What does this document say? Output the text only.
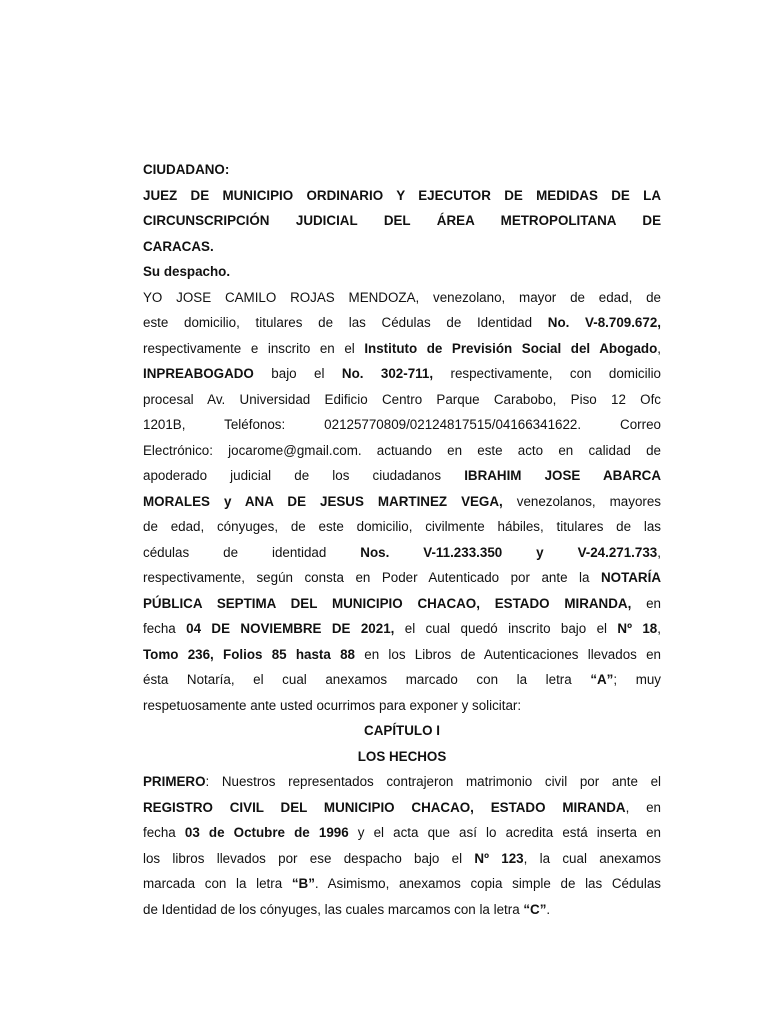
CIUDADANO:
JUEZ DE MUNICIPIO ORDINARIO Y EJECUTOR DE MEDIDAS DE LA
CIRCUNSCRIPCIÓN JUDICIAL DEL ÁREA METROPOLITANA DE
CARACAS.
Su despacho.
YO JOSE CAMILO ROJAS MENDOZA, venezolano, mayor de edad, de
este domicilio, titulares de las Cédulas de Identidad No. V-8.709.672,
respectivamente e inscrito en el Instituto de Previsión Social del Abogado,
INPREABOGADO bajo el No. 302-711, respectivamente, con domicilio
procesal Av. Universidad Edificio Centro Parque Carabobo, Piso 12 Ofc
1201B, Teléfonos: 02125770809/02124817515/04166341622. Correo
Electrónico: jocarome@gmail.com. actuando en este acto en calidad de
apoderado judicial de los ciudadanos IBRAHIM JOSE ABARCA
MORALES y ANA DE JESUS MARTINEZ VEGA, venezolanos, mayores
de edad, cónyuges, de este domicilio, civilmente hábiles, titulares de las
cédulas de identidad Nos. V-11.233.350 y V-24.271.733,
respectivamente, según consta en Poder Autenticado por ante la NOTARÍA
PÚBLICA SEPTIMA DEL MUNICIPIO CHACAO, ESTADO MIRANDA, en
fecha 04 DE NOVIEMBRE DE 2021, el cual quedó inscrito bajo el Nº 18,
Tomo 236, Folios 85 hasta 88 en los Libros de Autenticaciones llevados en
ésta Notaría, el cual anexamos marcado con la letra “A”; muy
respetuosamente ante usted ocurrimos para exponer y solicitar:
CAPÍTULO I
LOS HECHOS
PRIMERO: Nuestros representados contrajeron matrimonio civil por ante el
REGISTRO CIVIL DEL MUNICIPIO CHACAO, ESTADO MIRANDA, en
fecha 03 de Octubre de 1996 y el acta que así lo acredita está inserta en
los libros llevados por ese despacho bajo el Nº 123, la cual anexamos
marcada con la letra “B”. Asimismo, anexamos copia simple de las Cédulas
de Identidad de los cónyuges, las cuales marcamos con la letra “C”.
